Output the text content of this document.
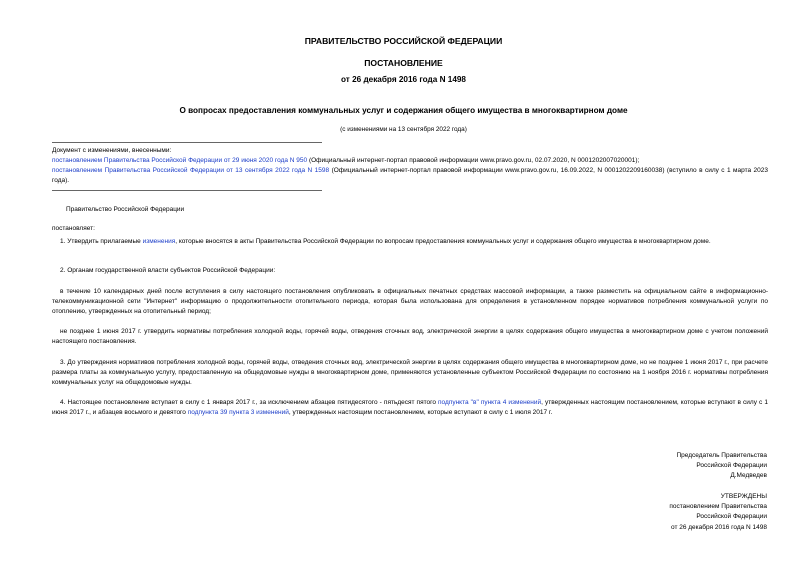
ПРАВИТЕЛЬСТВО РОССИЙСКОЙ ФЕДЕРАЦИИ
ПОСТАНОВЛЕНИЕ
от 26 декабря 2016 года N 1498
О вопросах предоставления коммунальных услуг и содержания общего имущества в многоквартирном доме
(с изменениями на 13 сентября 2022 года)

Документ с изменениями, внесенными:

постановлением Правительства Российской Федерации от 29 июня 2020 года N 950 (Официальный интернет-портал правовой информации www.pravo.gov.ru, 02.07.2020, N 0001202007020001);

постановлением Правительства Российской Федерации от 13 сентября 2022 года N 1598 (Официальный интернет-портал правовой информации www.pravo.gov.ru, 16.09.2022, N 0001202209160038) (вступило в силу с 1 марта 2023 года).

Правительство Российской Федерации

постановляет:

1. Утвердить прилагаемые изменения, которые вносятся в акты Правительства Российской Федерации по вопросам предоставления коммунальных услуг и содержания общего имущества в многоквартирном доме.

2. Органам государственной власти субъектов Российской Федерации:

в течение 10 календарных дней после вступления в силу настоящего постановления опубликовать в официальных печатных средствах массовой информации, а также разместить на официальном сайте в информационно-телекоммуникационной сети "Интернет" информацию о продолжительности отопительного периода, которая была использована для определения в установленном порядке нормативов потребления коммунальной услуги по отоплению, утвержденных на отопительный период;

не позднее 1 июня 2017 г. утвердить нормативы потребления холодной воды, горячей воды, отведения сточных вод, электрической энергии в целях содержания общего имущества в многоквартирном доме с учетом положений настоящего постановления.

3. До утверждения нормативов потребления холодной воды, горячей воды, отведения сточных вод, электрической энергии в целях содержания общего имущества в многоквартирном доме, но не позднее 1 июня 2017 г., при расчете размера платы за коммунальную услугу, предоставленную на общедомовые нужды в многоквартирном доме, применяются установленные субъектом Российской Федерации по состоянию на 1 ноября 2016 г. нормативы потребления коммунальных услуг на общедомовые нужды.

4. Настоящее постановление вступает в силу с 1 января 2017 г., за исключением абзацев пятидесятого - пятьдесят пятого подпункта "в" пункта 4 изменений, утвержденных настоящим постановлением, которые вступают в силу с 1 июня 2017 г., и абзацев восьмого и девятого подпункта 39 пункта 3 изменений, утвержденных настоящим постановлением, которые вступают в силу с 1 июля 2017 г.

Председатель Правительства
Российской Федерации
Д.Медведев
УТВЕРЖДЕНЫ
постановлением Правительства
Российской Федерации
от 26 декабря 2016 года N 1498
